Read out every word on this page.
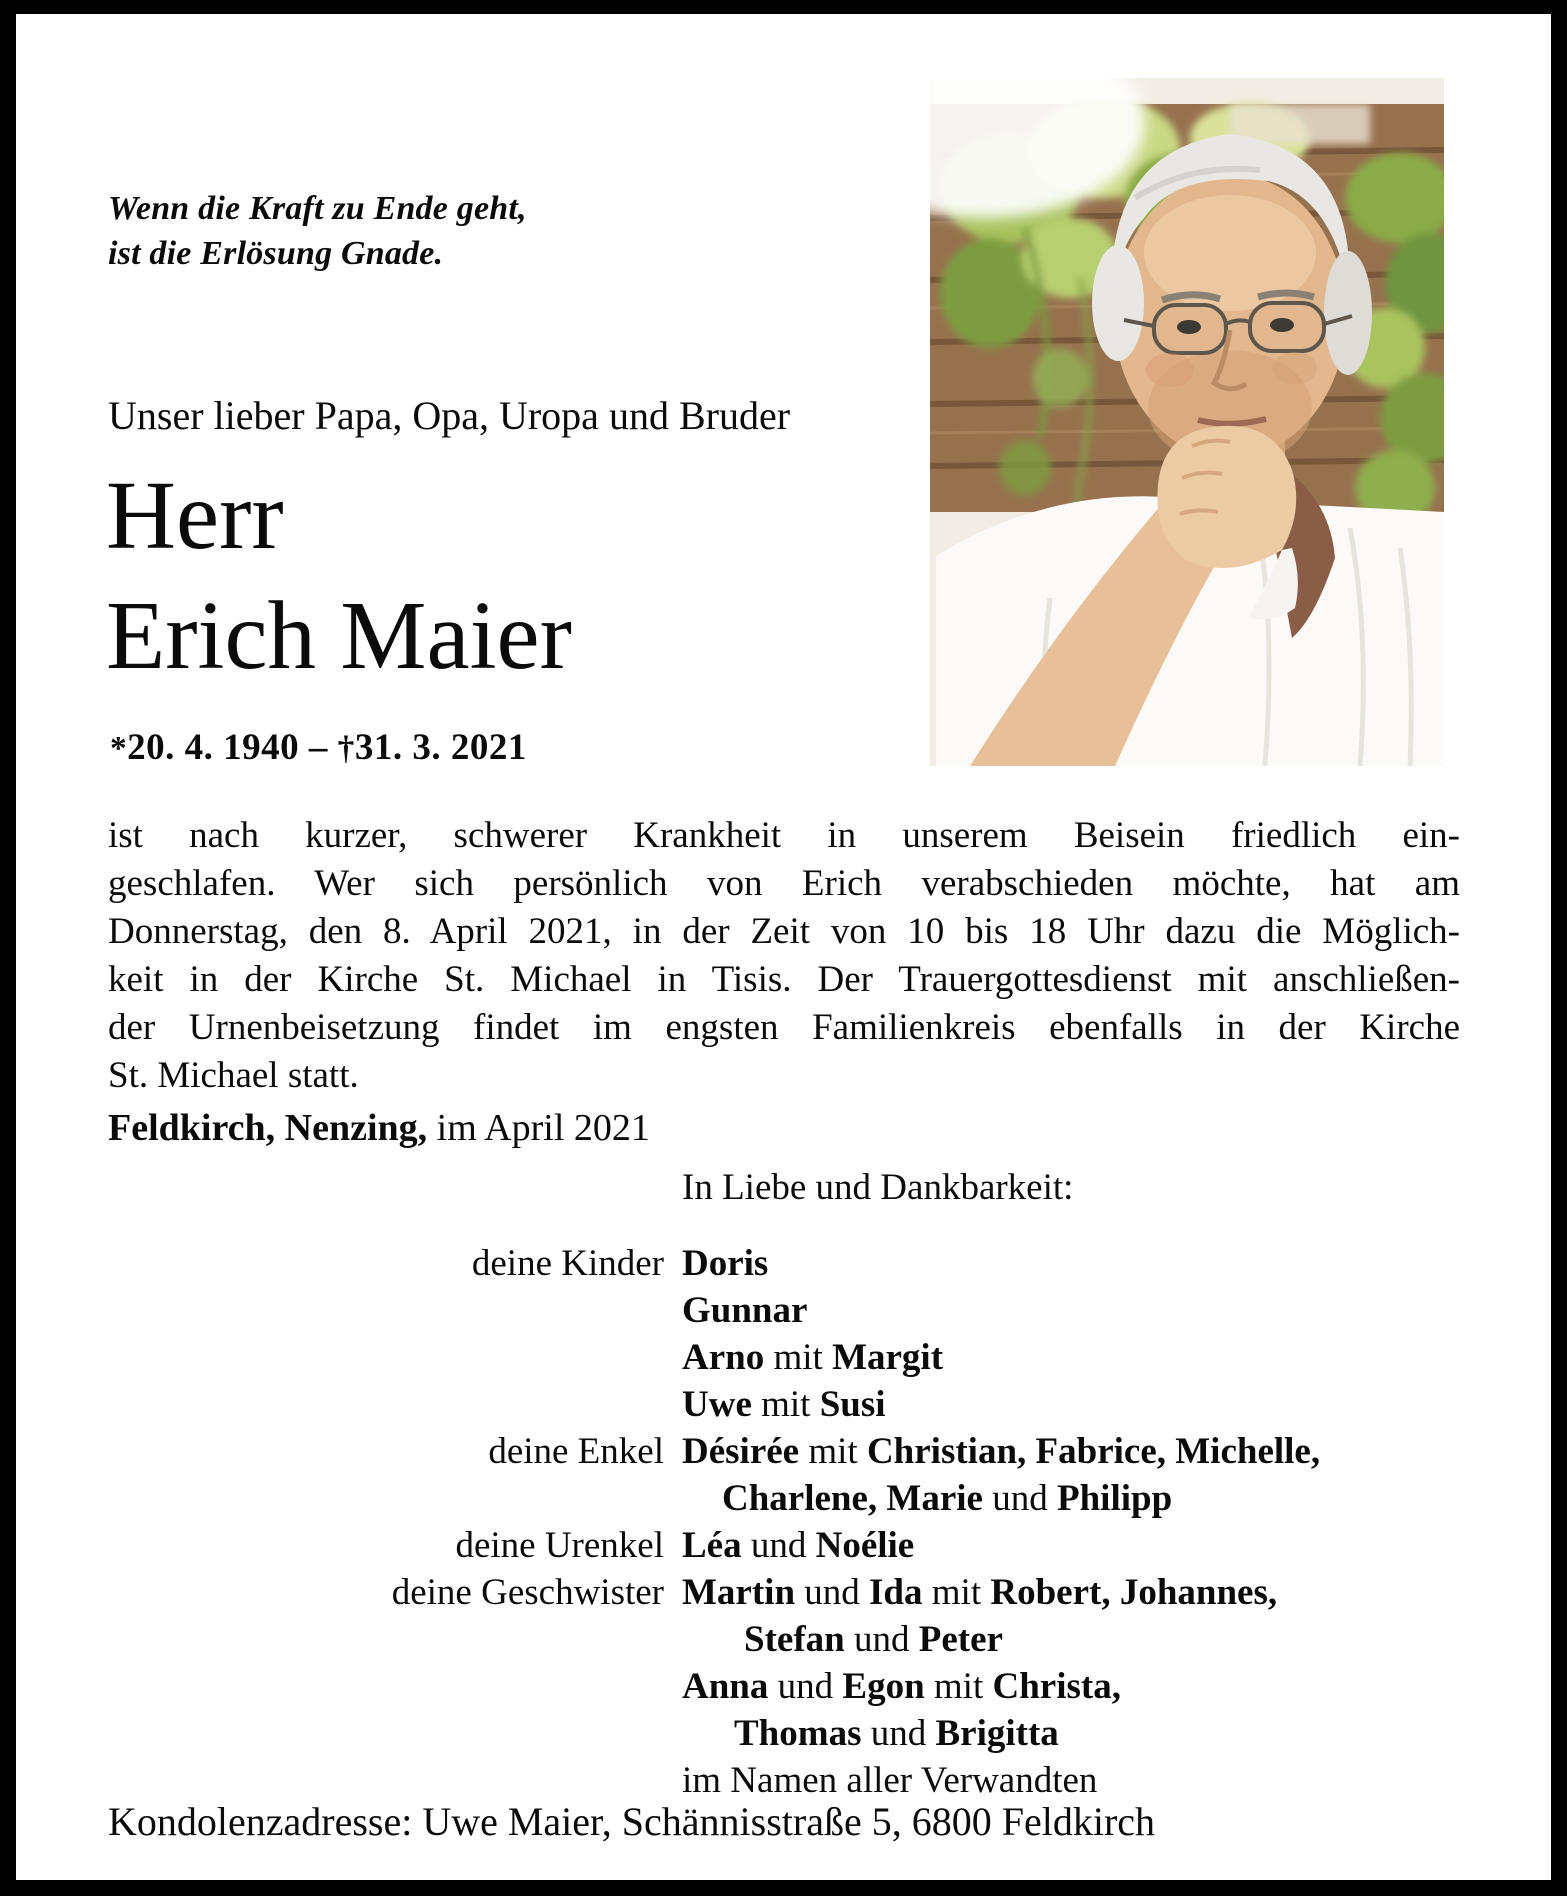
Wenn die Kraft zu Ende geht,
ist die Erlösung Gnade.
Unser lieber Papa, Opa, Uropa und Bruder
Herr
Erich Maier
*20. 4. 1940 – †31. 3. 2021
ist nach kurzer, schwerer Krankheit in unserem Beisein friedlich ein-
geschlafen. Wer sich persönlich von Erich verabschieden möchte, hat am
Donnerstag, den 8. April 2021, in der Zeit von 10 bis 18 Uhr dazu die Möglich-
keit in der Kirche St. Michael in Tisis. Der Trauergottesdienst mit anschließen-
der Urnenbeisetzung findet im engsten Familienkreis ebenfalls in der Kirche
St. Michael statt.
Feldkirch, Nenzing, im April 2021
In Liebe und Dankbarkeit:
deine Kinder Doris
Gunnar
Arno mit Margit
Uwe mit Susi
deine Enkel Désirée mit Christian, Fabrice, Michelle,
Charlene, Marie und Philipp
deine Urenkel Léa und Noélie
deine Geschwister Martin und Ida mit Robert, Johannes,
Stefan und Peter
Anna und Egon mit Christa,
Thomas und Brigitta
im Namen aller Verwandten
Kondolenzadresse: Uwe Maier, Schännisstraße 5, 6800 Feldkirch
